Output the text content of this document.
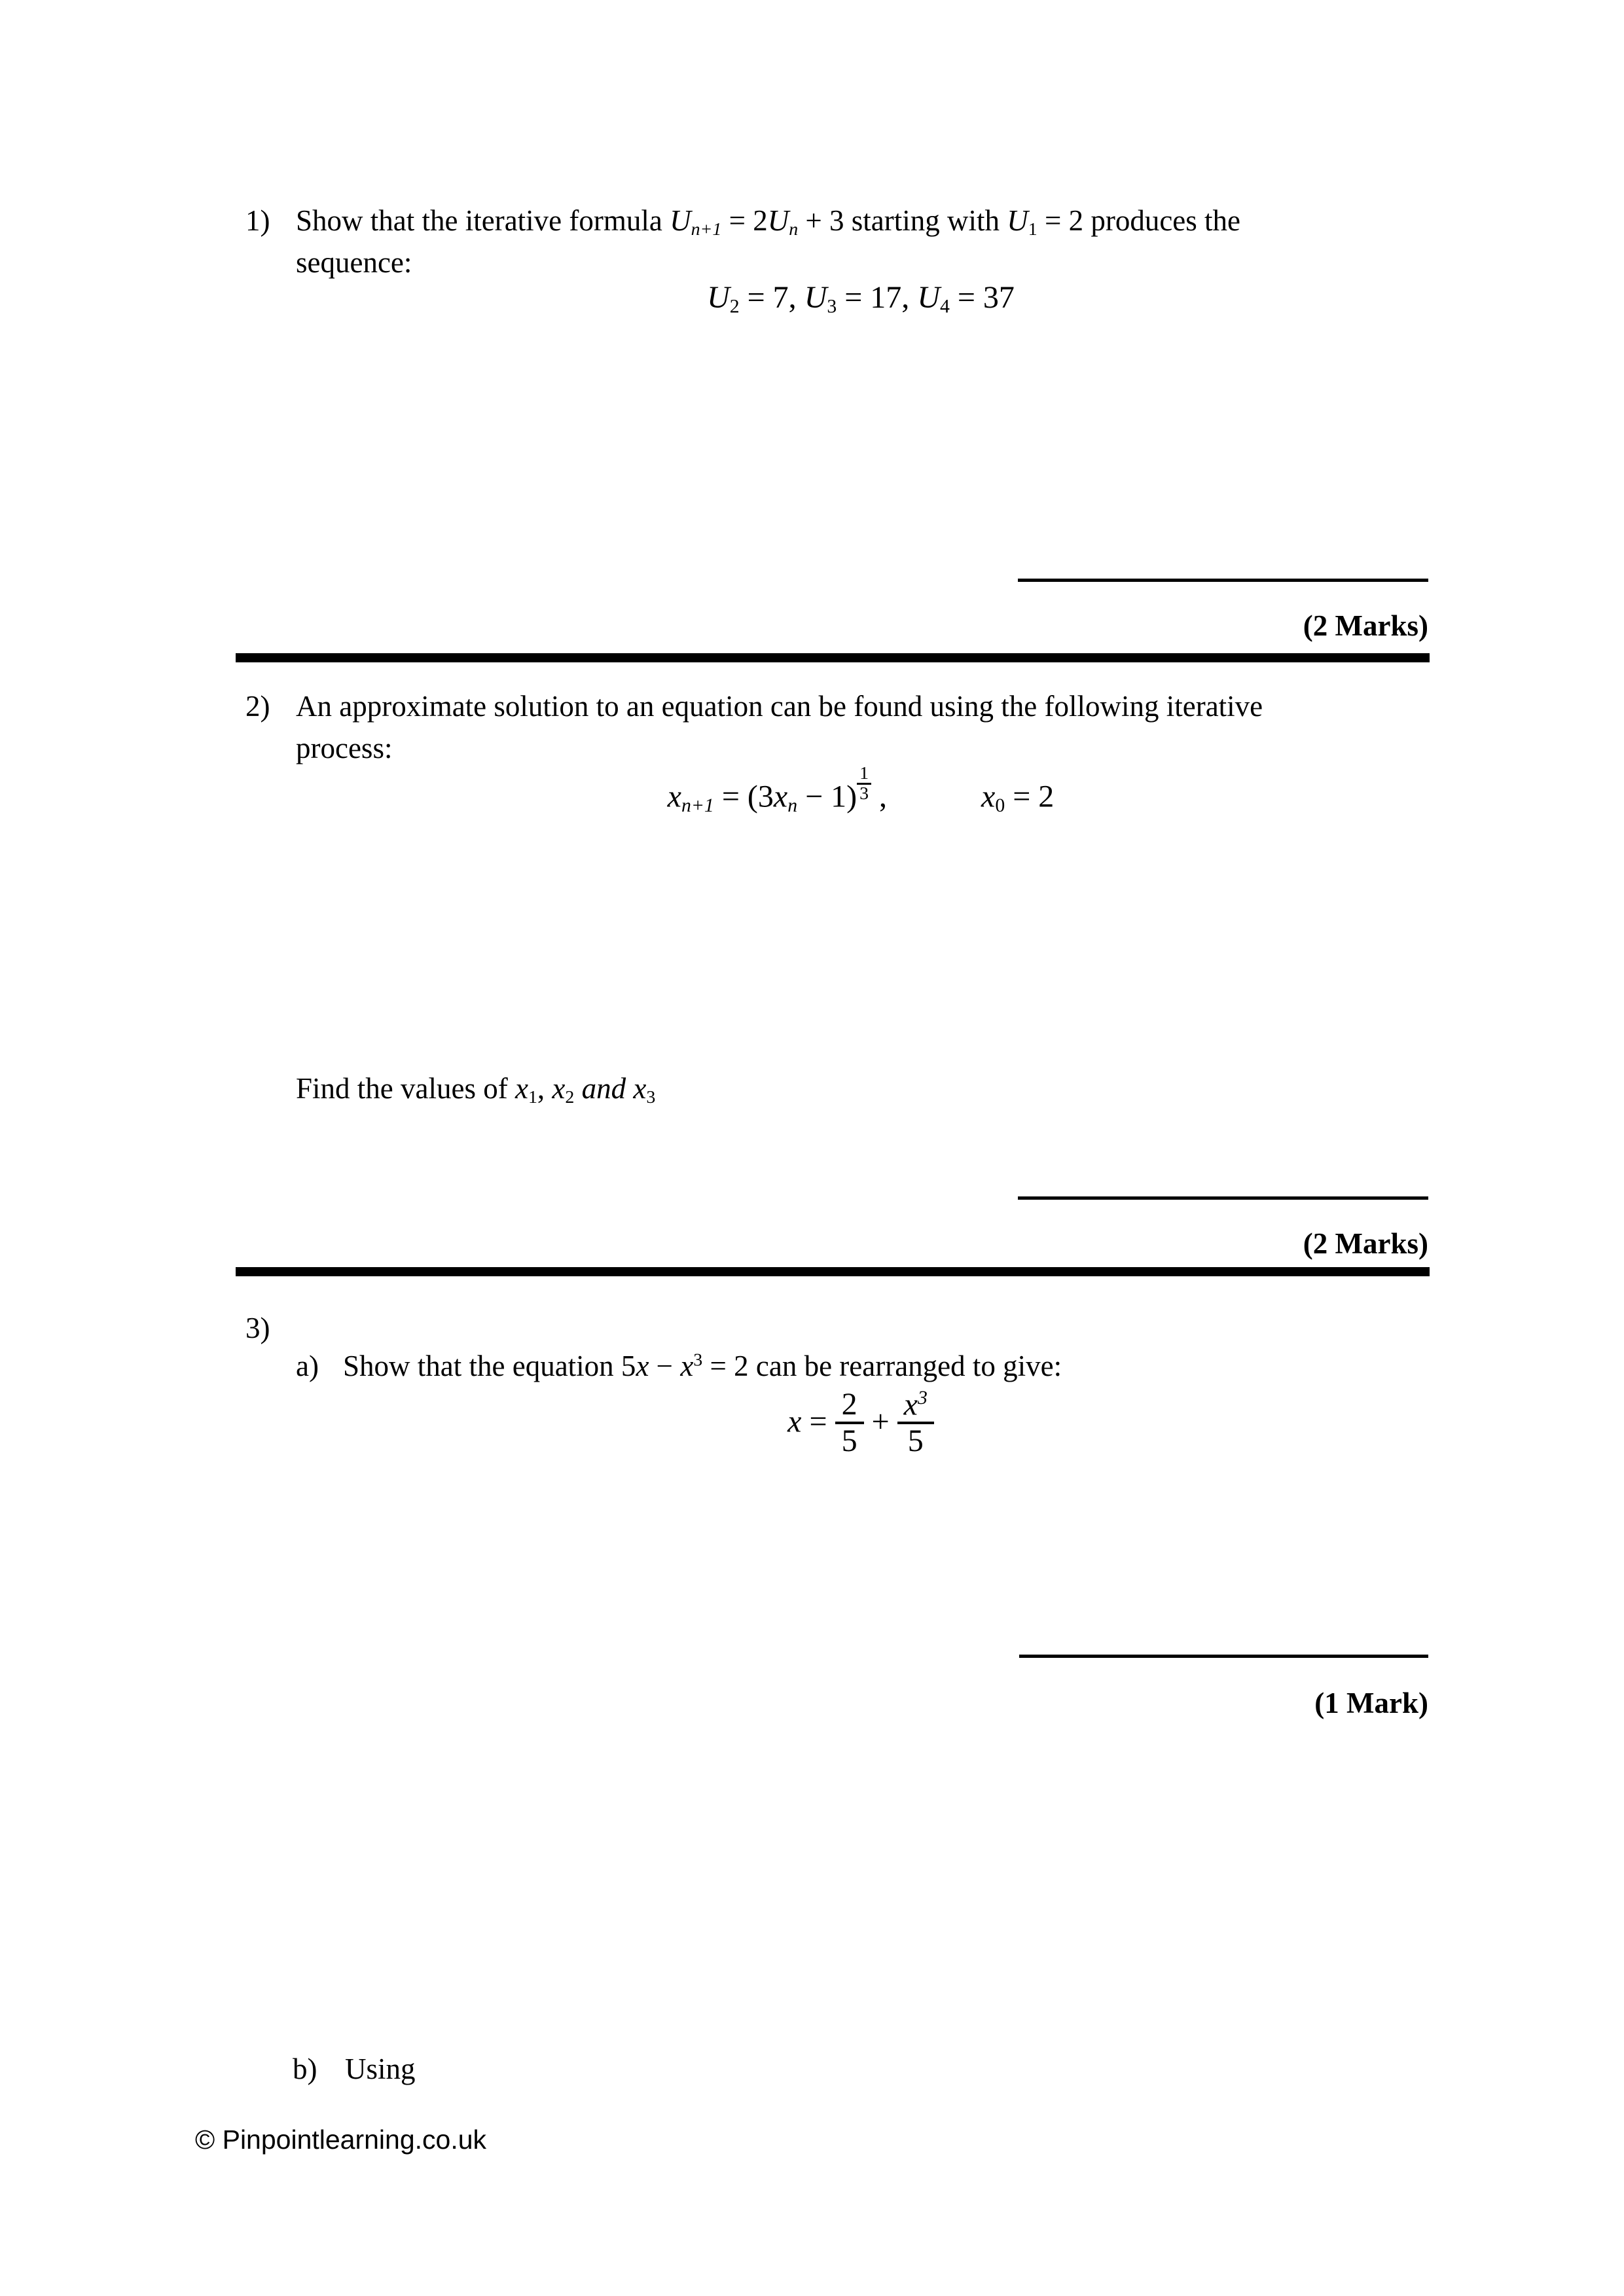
1) Show that the iterative formula Un+1 = 2Un + 3 starting with U1 = 2 produces the
sequence:
U2 = 7, U3 = 17, U4 = 37
(2 Marks)
2) An approximate solution to an equation can be found using the following iterative
process:
$xn+1 = (3xn - 1) \frac{1}{3}$ ,   	x0 = 2
Find the values of x1, x2 and x3
(2 Marks)
3)
a) Show that the equation $5x - x^3 = 2$ can be rearranged to give:
$x = \frac{2}{5} + \frac{x^3}{5}$
(1 Mark)
b) Using
© Pinpointlearning.co.uk
